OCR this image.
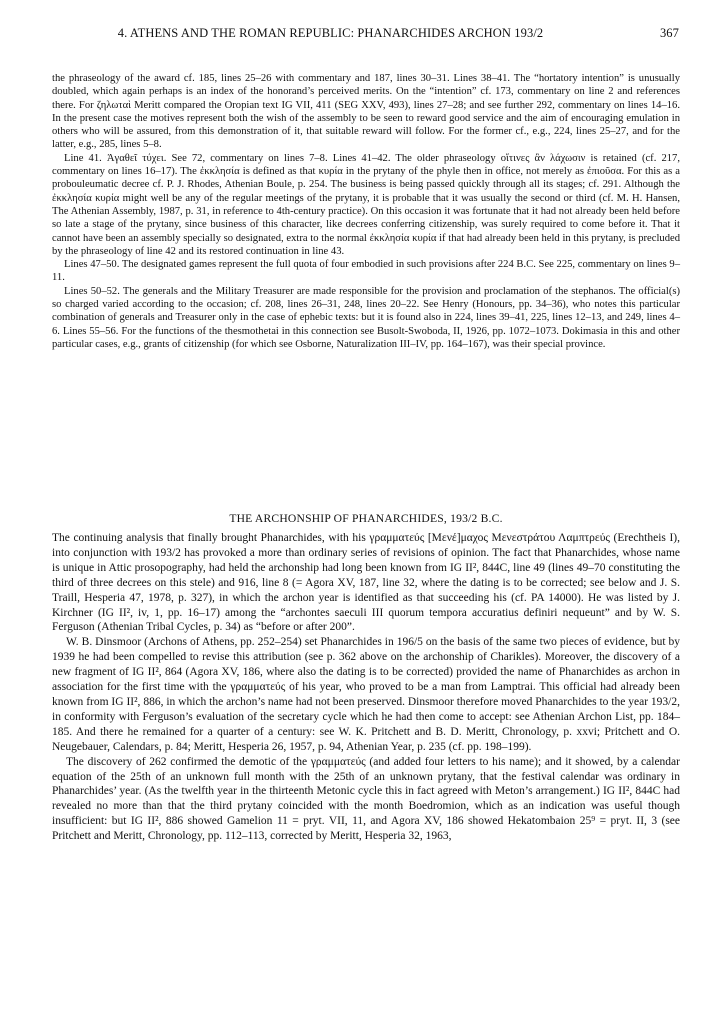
4. ATHENS AND THE ROMAN REPUBLIC: PHANARCHIDES ARCHON 193/2	367

the phraseology of the award cf. 185, lines 25–26 with commentary and 187, lines 30–31. Lines 38–41. The “hortatory intention” is unusually doubled, which again perhaps is an index of the honorand’s perceived merits. On the “intention” cf. 173, commentary on line 2 and references there. For ζηλωταὶ Meritt compared the Oropian text IG VII, 411 (SEG XXV, 493), lines 27–28; and see further 292, commentary on lines 14–16. In the present case the motives represent both the wish of the assembly to be seen to reward good service and the aim of encouraging emulation in others who will be assured, from this demonstration of it, that suitable reward will follow. For the former cf., e.g., 224, lines 25–27, and for the latter, e.g., 285, lines 5–8.

Line 41. Ἀγαθεῖ τύχει. See 72, commentary on lines 7–8. Lines 41–42. The older phraseology οἵτινες ἂν λάχωσιν is retained (cf. 217, commentary on lines 16–17). The ἐκκλησία is defined as that κυρία in the prytany of the phyle then in office, not merely as ἐπιοῦσα. For this as a probouleumatic decree cf. P. J. Rhodes, Athenian Boule, p. 254. The business is being passed quickly through all its stages; cf. 291. Although the ἐκκλησία κυρία might well be any of the regular meetings of the prytany, it is probable that it was usually the second or third (cf. M. H. Hansen, The Athenian Assembly, 1987, p. 31, in reference to 4th-century practice). On this occasion it was fortunate that it had not already been held before so late a stage of the prytany, since business of this character, like decrees conferring citizenship, was surely required to come before it. That it cannot have been an assembly specially so designated, extra to the normal ἐκκλησία κυρία if that had already been held in this prytany, is precluded by the phraseology of line 42 and its restored continuation in line 43.

Lines 47–50. The designated games represent the full quota of four embodied in such provisions after 224 B.C. See 225, commentary on lines 9–11.

Lines 50–52. The generals and the Military Treasurer are made responsible for the provision and proclamation of the stephanos. The official(s) so charged varied according to the occasion; cf. 208, lines 26–31, 248, lines 20–22. See Henry (Honours, pp. 34–36), who notes this particular combination of generals and Treasurer only in the case of ephebic texts: but it is found also in 224, lines 39–41, 225, lines 12–13, and 249, lines 4–6. Lines 55–56. For the functions of the thesmothetai in this connection see Busolt-Swoboda, II, 1926, pp. 1072–1073. Dokimasia in this and other particular cases, e.g., grants of citizenship (for which see Osborne, Naturalization III–IV, pp. 164–167), was their special province.

THE ARCHONSHIP OF PHANARCHIDES, 193/2 B.C.

The continuing analysis that finally brought Phanarchides, with his γραμματεύς [Μενέ]μαχος Μενεστράτου Λαμπτρεύς (Erechtheis I), into conjunction with 193/2 has provoked a more than ordinary series of revisions of opinion. The fact that Phanarchides, whose name is unique in Attic prosopography, had held the archonship had long been known from IG II², 844C, line 49 (lines 49–70 constituting the third of three decrees on this stele) and 916, line 8 (= Agora XV, 187, line 32, where the dating is to be corrected; see below and J. S. Traill, Hesperia 47, 1978, p. 327), in which the archon year is identified as that succeeding his (cf. PA 14000). He was listed by J. Kirchner (IG II², iv, 1, pp. 16–17) among the “archontes saeculi III quorum tempora accuratius definiri nequeunt” and by W. S. Ferguson (Athenian Tribal Cycles, p. 34) as “before or after 200”.

W. B. Dinsmoor (Archons of Athens, pp. 252–254) set Phanarchides in 196/5 on the basis of the same two pieces of evidence, but by 1939 he had been compelled to revise this attribution (see p. 362 above on the archonship of Charikles). Moreover, the discovery of a new fragment of IG II², 864 (Agora XV, 186, where also the dating is to be corrected) provided the name of Phanarchides as archon in association for the first time with the γραμματεύς of his year, who proved to be a man from Lamptrai. This official had already been known from IG II², 886, in which the archon’s name had not been preserved. Dinsmoor therefore moved Phanarchides to the year 193/2, in conformity with Ferguson’s evaluation of the secretary cycle which he had then come to accept: see Athenian Archon List, pp. 184–185. And there he remained for a quarter of a century: see W. K. Pritchett and B. D. Meritt, Chronology, p. xxvi; Pritchett and O. Neugebauer, Calendars, p. 84; Meritt, Hesperia 26, 1957, p. 94, Athenian Year, p. 235 (cf. pp. 198–199).

The discovery of 262 confirmed the demotic of the γραμματεύς (and added four letters to his name); and it showed, by a calendar equation of the 25th of an unknown full month with the 25th of an unknown prytany, that the festival calendar was ordinary in Phanarchides’ year. (As the twelfth year in the thirteenth Metonic cycle this in fact agreed with Meton’s arrangement.) IG II², 844C had revealed no more than that the third prytany coincided with the month Boedromion, which as an indication was useful though insufficient: but IG II², 886 showed Gamelion 11 = pryt. VII, 11, and Agora XV, 186 showed Hekatombaion 25⁹ = pryt. II, 3 (see Pritchett and Meritt, Chronology, pp. 112–113, corrected by Meritt, Hesperia 32, 1963,
